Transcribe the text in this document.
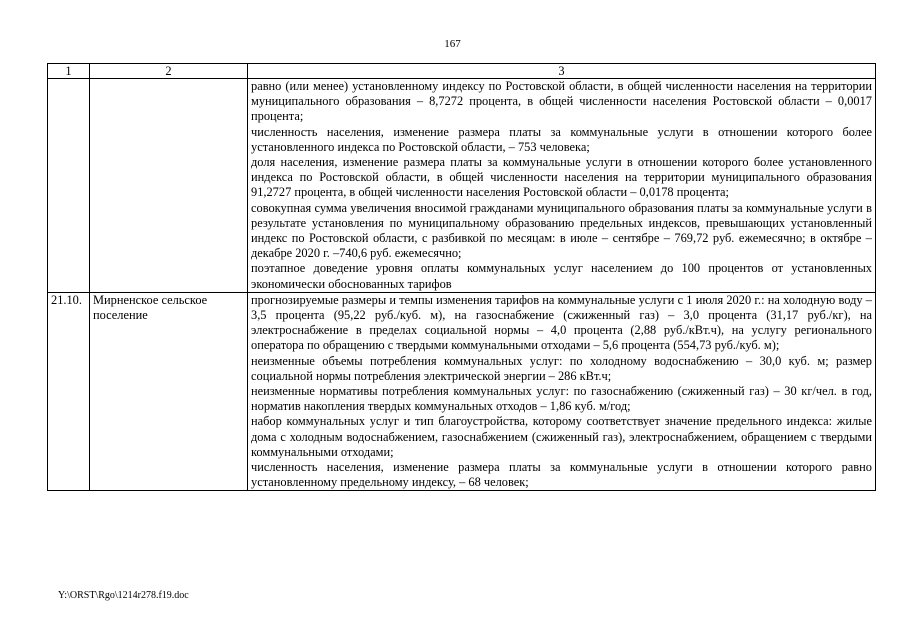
167
1	2	3

		равно (или менее) установленному индексу по Ростовской области, в общей численности населения на территории муниципального образования – 8,7272 процента, в общей численности населения Ростовской области – 0,0017 процента;

численность населения, изменение размера платы за коммунальные услуги в отношении которого более установленного индекса по Ростовской области, – 753 человека;

доля населения, изменение размера платы за коммунальные услуги в отношении которого более установленного индекса по Ростовской области, в общей численности населения на территории муниципального образования 91,2727 процента, в общей численности населения Ростовской области – 0,0178 процента;

совокупная сумма увеличения вносимой гражданами муниципального образования платы за коммунальные услуги в результате установления по муниципальному образованию предельных индексов, превышающих установленный индекс по Ростовской области, с разбивкой по месяцам: в июле – сентябре – 769,72 руб. ежемесячно; в октябре – декабре 2020 г. –740,6 руб. ежемесячно;

поэтапное доведение уровня оплаты коммунальных услуг населением до 100 процентов от установленных экономически обоснованных тарифов

21.10.	Мирненское сельское поселение	прогнозируемые размеры и темпы изменения тарифов на коммунальные услуги с 1 июля 2020 г.: на холодную воду – 3,5 процента (95,22 руб./куб. м), на газоснабжение (сжиженный газ) – 3,0 процента (31,17 руб./кг), на электроснабжение в пределах социальной нормы – 4,0 процента (2,88 руб./кВт.ч), на услугу регионального оператора по обращению с твердыми коммунальными отходами – 5,6 процента (554,73 руб./куб. м);

неизменные объемы потребления коммунальных услуг: по холодному водоснабжению – 30,0 куб. м; размер социальной нормы потребления электрической энергии – 286 кВт.ч;

неизменные нормативы потребления коммунальных услуг: по газоснабжению (сжиженный газ) – 30 кг/чел. в год, норматив накопления твердых коммунальных отходов – 1,86 куб. м/год;

набор коммунальных услуг и тип благоустройства, которому соответствует значение предельного индекса: жилые дома с холодным водоснабжением, газоснабжением (сжиженный газ), электроснабжением, обращением с твердыми коммунальными отходами;

численность населения, изменение размера платы за коммунальные услуги в отношении которого равно установленному предельному индексу, – 68 человек;

Y:\ORST\Rgo\1214r278.f19.doc
